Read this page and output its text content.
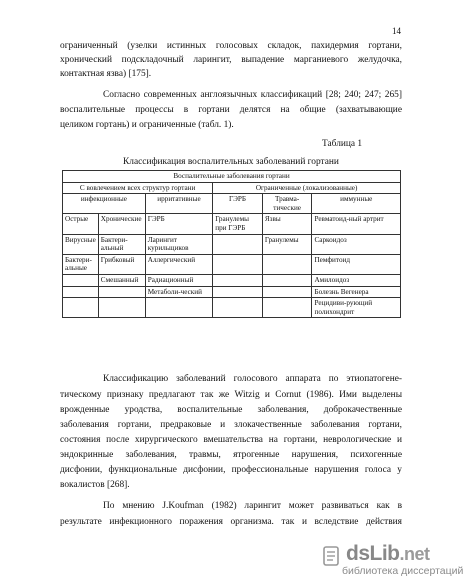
14
ограниченный (узелки истинных голосовых складок, пахидермия гортани,
хронический подскладочный ларингит, выпадение марганиевого желудочка,
контактная язва) [175].
Согласно современных англоязычных классификаций [28; 240; 247; 265]
воспалительные процессы в гортани делятся на общие (захватывающие
целиком гортань) и ограниченные (табл. 1).
Таблица 1
Классификация воспалительных заболеваний гортани
Воспалительные заболевания гортани					
С вовлечением всех структур гортани			Ограниченные (локализованные)		
инфекционные		ирритативные	ГЭРБ	Травма-тические	иммунные
Острые	Хронические	ГЭРБ	Гранулемы при ГЭРБ	Язвы	Ревматоид-ный артрит
Вирусные	Бактери-альный	Ларингит курильщиков		Гранулемы	Саркоидоз
Бактери-альные	Грибковый	Аллергический			Пемфитоид
	Смешанный	Радиационный			Амилоидоз
		Метаболи-ческий			Болезнь Вегенера
					Рецидиви-рующий полихондрит
Классификацию заболеваний голосового аппарата по этиопатогене-
тическому признаку предлагают так же Witzig и Cornut (1986). Ими выделены
врожденные уродства, воспалительные заболевания, доброкачественные
заболевания гортани, предраковые и злокачественные заболевания гортани,
состояния после хирургического вмешательства на гортани, неврологические и
эндокринные заболевания, травмы, ятрогенные нарушения, психогенные
дисфонии, функциональные дисфонии, профессиональные нарушения голоса у
вокалистов [268].
По мнению J.Koufman (1982) ларингит может развиваться как в
результате инфекционного поражения организма. так и вследствие действия
dsLib.net
библиотека диссертаций
